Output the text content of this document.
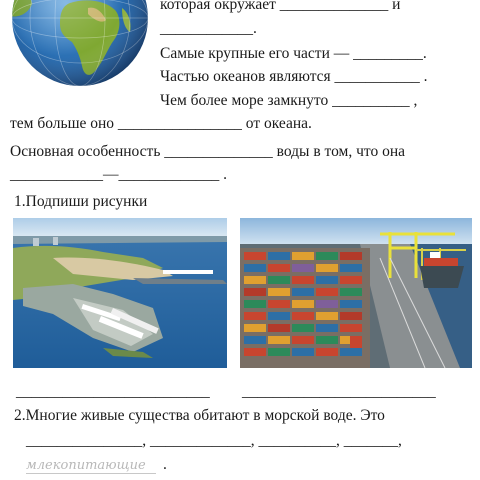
которая окружает ______________ и
____________.
Самые крупные его части — _________.
Частью океанов являются ___________ .
Чем более море замкнуто __________ ,
тем больше оно ________________ от океана.
Основная особенность ______________ воды в том, что она
____________—_____________ .
1.Подпиши рисунки
_________________________ _________________________
2.Многие живые существа обитают в морской воде. Это
_______________, _____________, __________, _______,
млекопитающие	.
